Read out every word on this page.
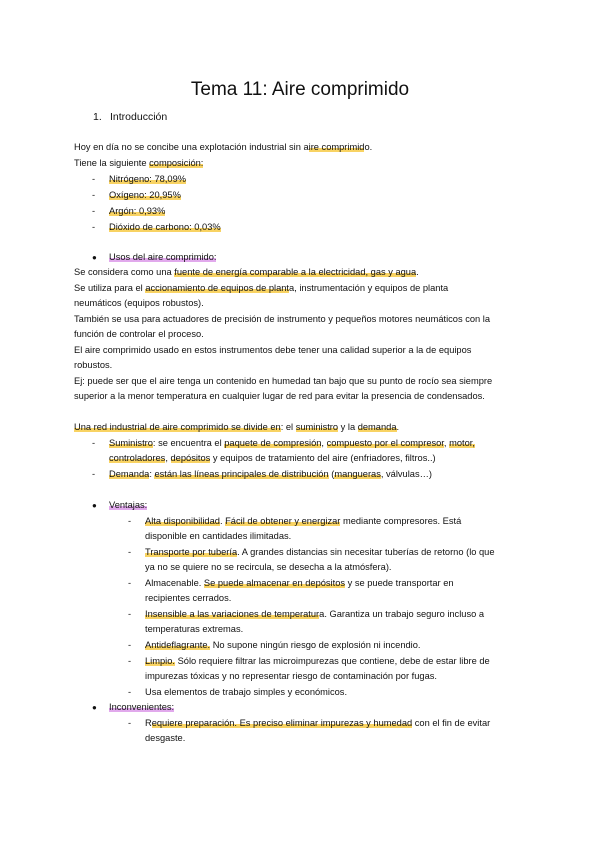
Tema 11: Aire comprimido
1. Introducción
Hoy en día no se concibe una explotación industrial sin aire comprimido.
Tiene la siguiente composición:
- Nitrógeno: 78,09%
- Oxígeno: 20,95%
- Argón: 0,93%
- Dióxido de carbono: 0,03%
● Usos del aire comprimido:
Se considera como una fuente de energía comparable a la electricidad, gas y agua.
Se utiliza para el accionamiento de equipos de planta, instrumentación y equipos de planta
neumáticos (equipos robustos).
También se usa para actuadores de precisión de instrumento y pequeños motores neumáticos con la
función de controlar el proceso.
El aire comprimido usado en estos instrumentos debe tener una calidad superior a la de equipos
robustos.
Ej: puede ser que el aire tenga un contenido en humedad tan bajo que su punto de rocío sea siempre
superior a la menor temperatura en cualquier lugar de red para evitar la presencia de condensados.
Una red industrial de aire comprimido se divide en: el suministro y la demanda.
- Suministro: se encuentra el paquete de compresión, compuesto por el compresor, motor,
controladores, depósitos y equipos de tratamiento del aire (enfriadores, filtros..)
- Demanda: están las líneas principales de distribución (mangueras, válvulas…)
● Ventajas:
- Alta disponibilidad. Fácil de obtener y energizar mediante compresores. Está
disponible en cantidades ilimitadas.
- Transporte por tubería. A grandes distancias sin necesitar tuberías de retorno (lo que
ya no se quiere no se recircula, se desecha a la atmósfera).
- Almacenable. Se puede almacenar en depósitos y se puede transportar en
recipientes cerrados.
- Insensible a las variaciones de temperatura. Garantiza un trabajo seguro incluso a
temperaturas extremas.
- Antideflagrante. No supone ningún riesgo de explosión ni incendio.
- Limpio. Sólo requiere filtrar las microimpurezas que contiene, debe de estar libre de
impurezas tóxicas y no representar riesgo de contaminación por fugas.
- Usa elementos de trabajo simples y económicos.
● Inconvenientes:
- Requiere preparación. Es preciso eliminar impurezas y humedad con el fin de evitar
desgaste.
